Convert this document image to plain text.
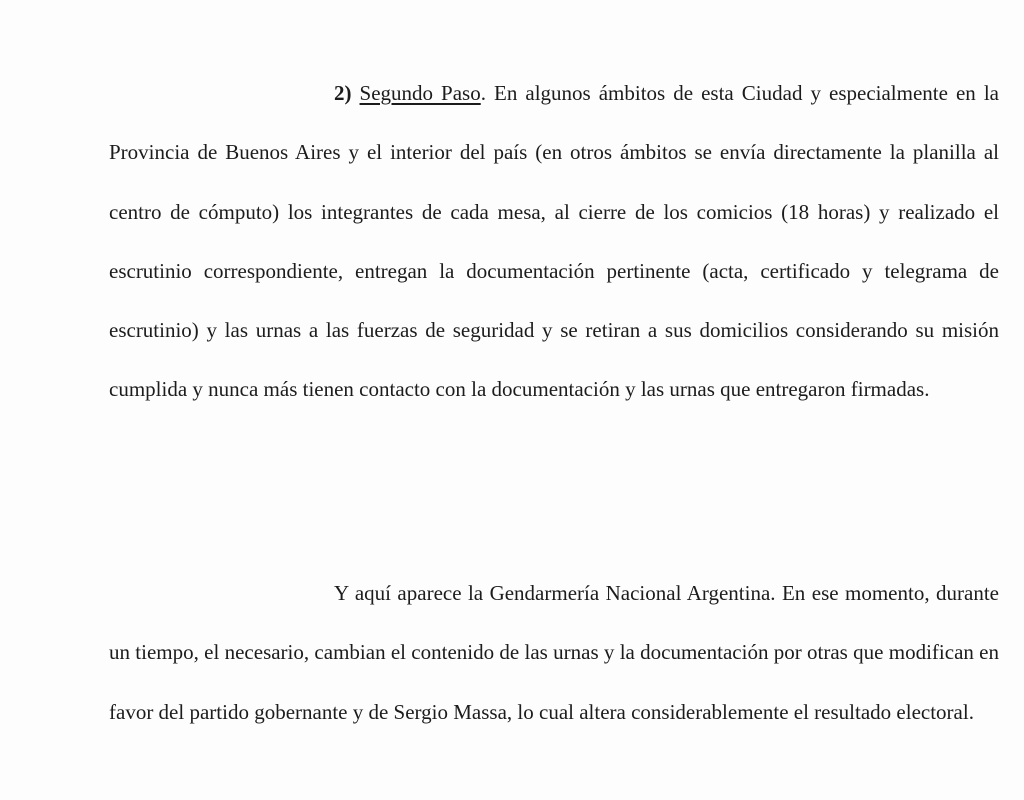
2) Segundo Paso. En algunos ámbitos de esta Ciudad y especialmente en la Provincia de Buenos Aires y el interior del país (en otros ámbitos se envía directamente la planilla al centro de cómputo) los integrantes de cada mesa, al cierre de los comicios (18 horas) y realizado el escrutinio correspondiente, entregan la documentación pertinente (acta, certificado y telegrama de escrutinio) y las urnas a las fuerzas de seguridad y se retiran a sus domicilios considerando su misión cumplida y nunca más tienen contacto con la documentación y las urnas que entregaron firmadas.

Y aquí aparece la Gendarmería Nacional Argentina. En ese momento, durante un tiempo, el necesario, cambian el contenido de las urnas y la documentación por otras que modifican en favor del partido gobernante y de Sergio Massa, lo cual altera considerablemente el resultado electoral.
